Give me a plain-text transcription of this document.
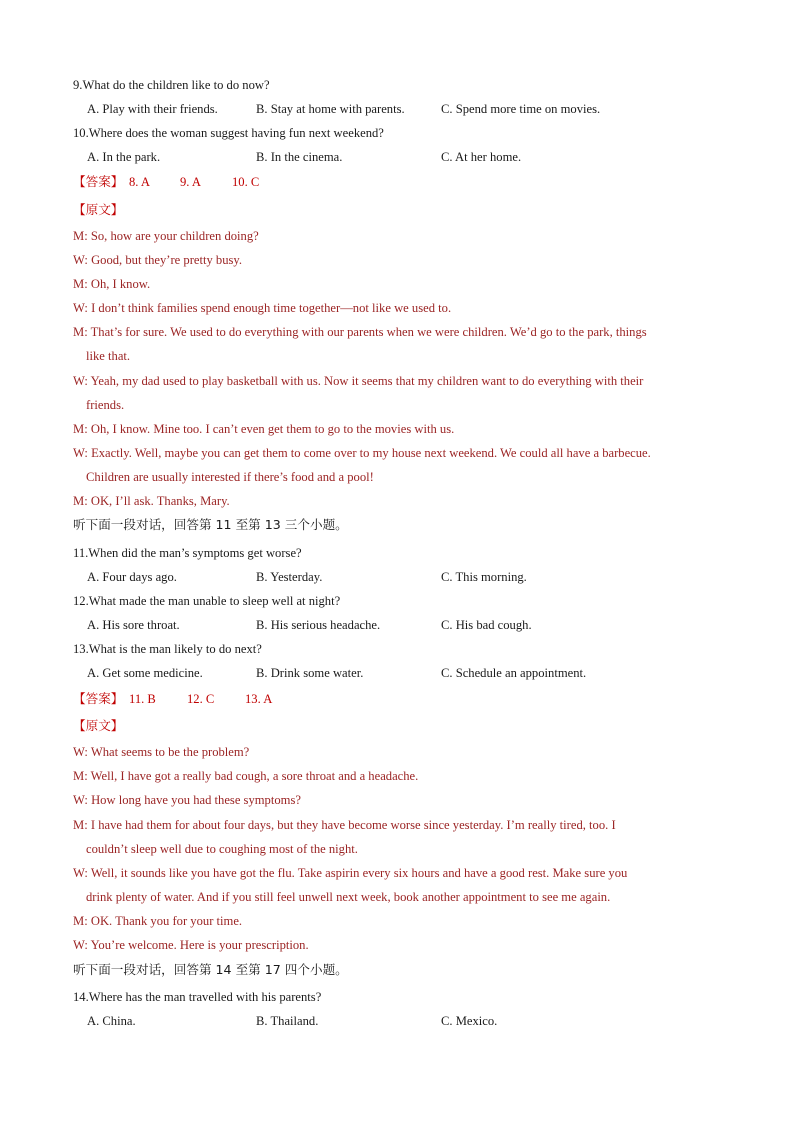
9.What do the children like to do now?
A. Play with their friends.	B. Stay at home with parents.	C. Spend more time on movies.
10.Where does the woman suggest having fun next weekend?
A. In the park.	B. In the cinema.	C. At her home.
【答案】 8. A 9. A 10. C
【原文】
M: So, how are your children doing?
W: Good, but they’re pretty busy.
M: Oh, I know.
W: I don’t think families spend enough time together—not like we used to.
M: That’s for sure. We used to do everything with our parents when we were children. We’d go to the park, things
like that.
W: Yeah, my dad used to play basketball with us. Now it seems that my children want to do everything with their
friends.
M: Oh, I know. Mine too. I can’t even get them to go to the movies with us.
W: Exactly. Well, maybe you can get them to come over to my house next weekend. We could all have a barbecue.
Children are usually interested if there’s food and a pool!
M: OK, I’ll ask. Thanks, Mary.
听下面一段对话，回答第 11 至第 13 三个小题。
11.When did the man’s symptoms get worse?
A. Four days ago.	B. Yesterday.	C. This morning.
12.What made the man unable to sleep well at night?
A. His sore throat.	B. His serious headache.	C. His bad cough.
13.What is the man likely to do next?
A. Get some medicine.	B. Drink some water.	C. Schedule an appointment.
【答案】 11. B 12. C 13. A
【原文】
W: What seems to be the problem?
M: Well, I have got a really bad cough, a sore throat and a headache.
W: How long have you had these symptoms?
M: I have had them for about four days, but they have become worse since yesterday. I’m really tired, too. I
couldn’t sleep well due to coughing most of the night.
W: Well, it sounds like you have got the flu. Take aspirin every six hours and have a good rest. Make sure you
drink plenty of water. And if you still feel unwell next week, book another appointment to see me again.
M: OK. Thank you for your time.
W: You’re welcome. Here is your prescription.
听下面一段对话，回答第 14 至第 17 四个小题。
14.Where has the man travelled with his parents?
A. China.	B. Thailand.	C. Mexico.
